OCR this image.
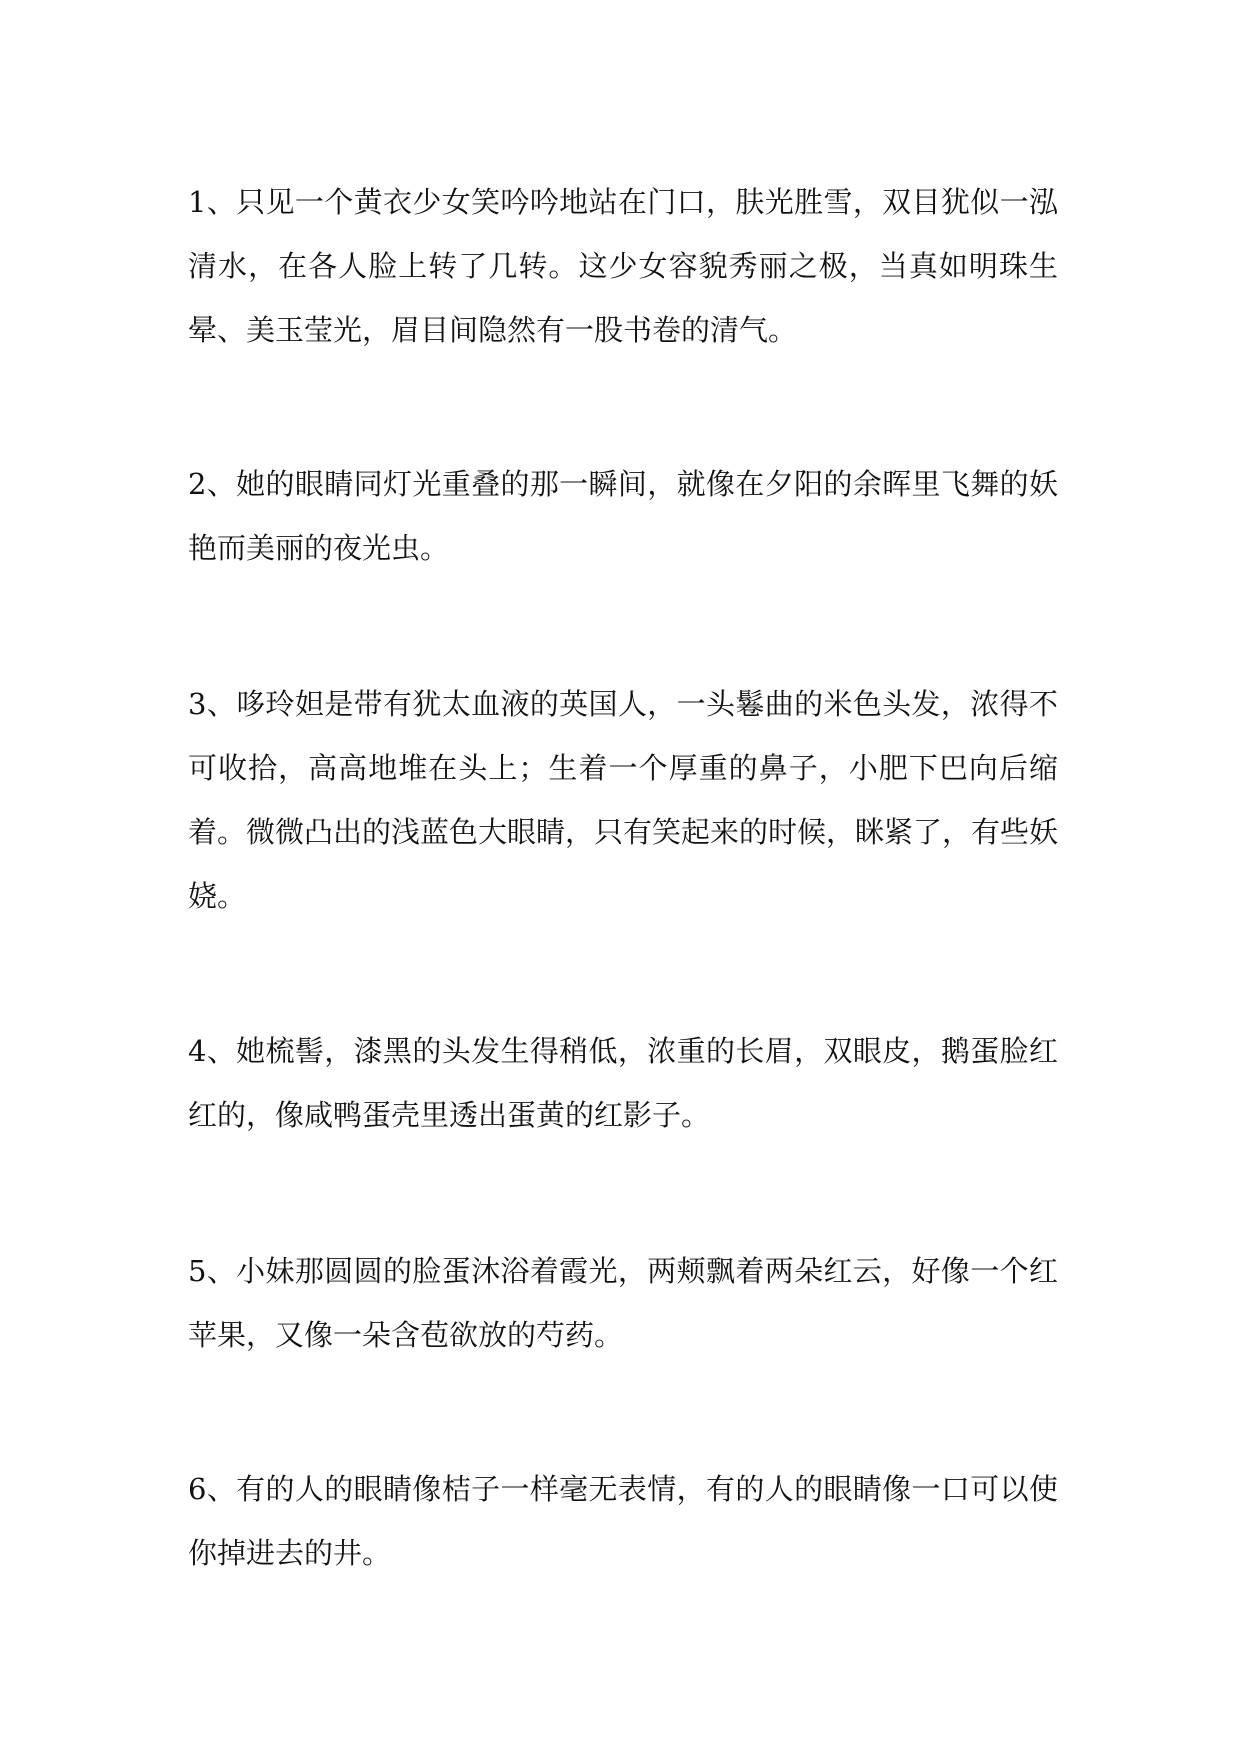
1、只见一个黄衣少女笑吟吟地站在门口，肤光胜雪，双目犹似一泓清水，在各人脸上转了几转。这少女容貌秀丽之极，当真如明珠生晕、美玉莹光，眉目间隐然有一股书卷的清气。

2、她的眼睛同灯光重叠的那一瞬间，就像在夕阳的余晖里飞舞的妖艳而美丽的夜光虫。

3、哆玲妲是带有犹太血液的英国人，一头鬈曲的米色头发，浓得不可收拾，高高地堆在头上；生着一个厚重的鼻子，小肥下巴向后缩着。微微凸出的浅蓝色大眼睛，只有笑起来的时候，眯紧了，有些妖娆。

4、她梳髻，漆黑的头发生得稍低，浓重的长眉，双眼皮，鹅蛋脸红红的，像咸鸭蛋壳里透出蛋黄的红影子。

5、小妹那圆圆的脸蛋沐浴着霞光，两颊飘着两朵红云，好像一个红苹果，又像一朵含苞欲放的芍药。

6、有的人的眼睛像桔子一样毫无表情，有的人的眼睛像一口可以使你掉进去的井。
